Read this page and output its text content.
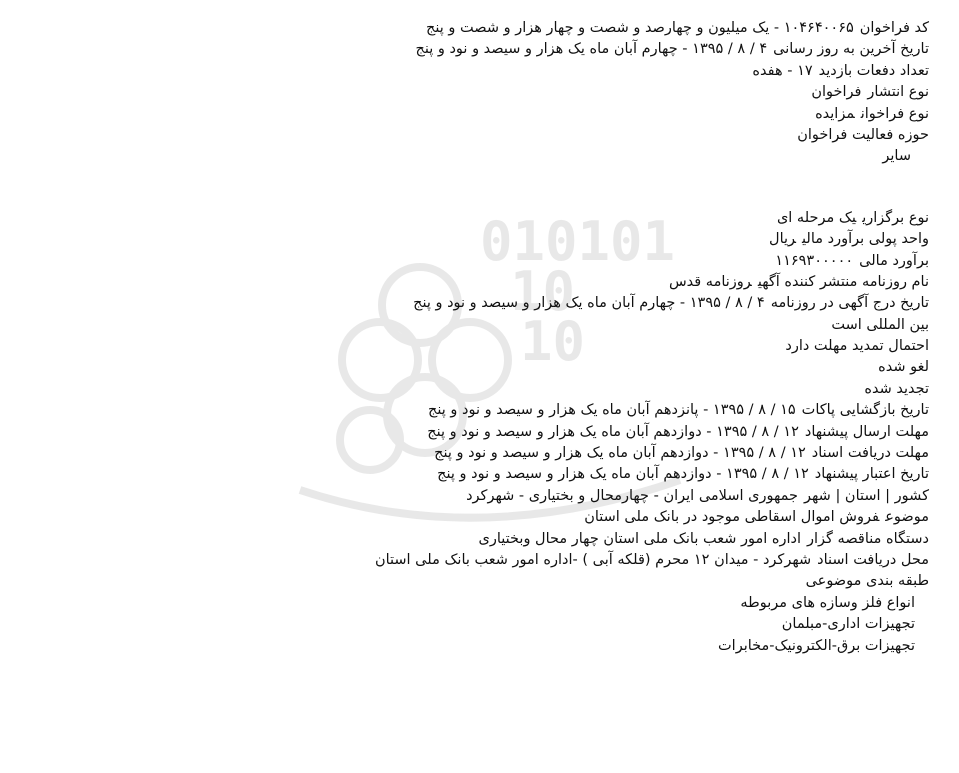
010101
10
10
کد فراخوان۱۰۴۶۴۰۰۶۵ - یک میلیون و چهارصد و شصت و چهار هزار و شصت و پنج
تاریخ آخرین به روز رسانی۴ / ۸ / ۱۳۹۵ - چهارم آبان ماه یک هزار و سیصد و نود و پنج
تعداد دفعات بازدید۱۷ - هفده
نوع انتشارفراخوان
نوع فراخوانمزایده
حوزه فعالیت فراخوان
سایر
نوع برگزارییک مرحله ای
واحد پولی برآورد مالیریال
برآورد مالی۱۱۶۹۳۰۰۰۰۰
نام روزنامه منتشر کننده آگهیروزنامه قدس
تاریخ درج آگهی در روزنامه۴ / ۸ / ۱۳۹۵ - چهارم آبان ماه یک هزار و سیصد و نود و پنج
بین المللی است
احتمال تمدید مهلت دارد
لغو شده
تجدید شده
تاریخ بازگشایی پاکات۱۵ / ۸ / ۱۳۹۵ - پانزدهم آبان ماه یک هزار و سیصد و نود و پنج
مهلت ارسال پیشنهاد۱۲ / ۸ / ۱۳۹۵ - دوازدهم آبان ماه یک هزار و سیصد و نود و پنج
مهلت دریافت اسناد۱۲ / ۸ / ۱۳۹۵ - دوازدهم آبان ماه یک هزار و سیصد و نود و پنج
تاریخ اعتبار پیشنهاد۱۲ / ۸ / ۱۳۹۵ - دوازدهم آبان ماه یک هزار و سیصد و نود و پنج
کشور | استان | شهرجمهوری اسلامی ایران - چهارمحال و بختیاری - شهرکرد
موضوعفروش اموال اسقاطی موجود در بانک ملی استان
دستگاه مناقصه گزاراداره امور شعب بانک ملی استان چهار محال وبختیاری
محل دریافت اسنادشهرکرد - میدان ۱۲ محرم (قلکه آبی ) -اداره امور شعب بانک ملی استان
طبقه بندی موضوعی
انواع فلز وسازه های مربوطه
تجهیزات اداری-مبلمان
تجهیزات برق-الکترونیک-مخابرات
